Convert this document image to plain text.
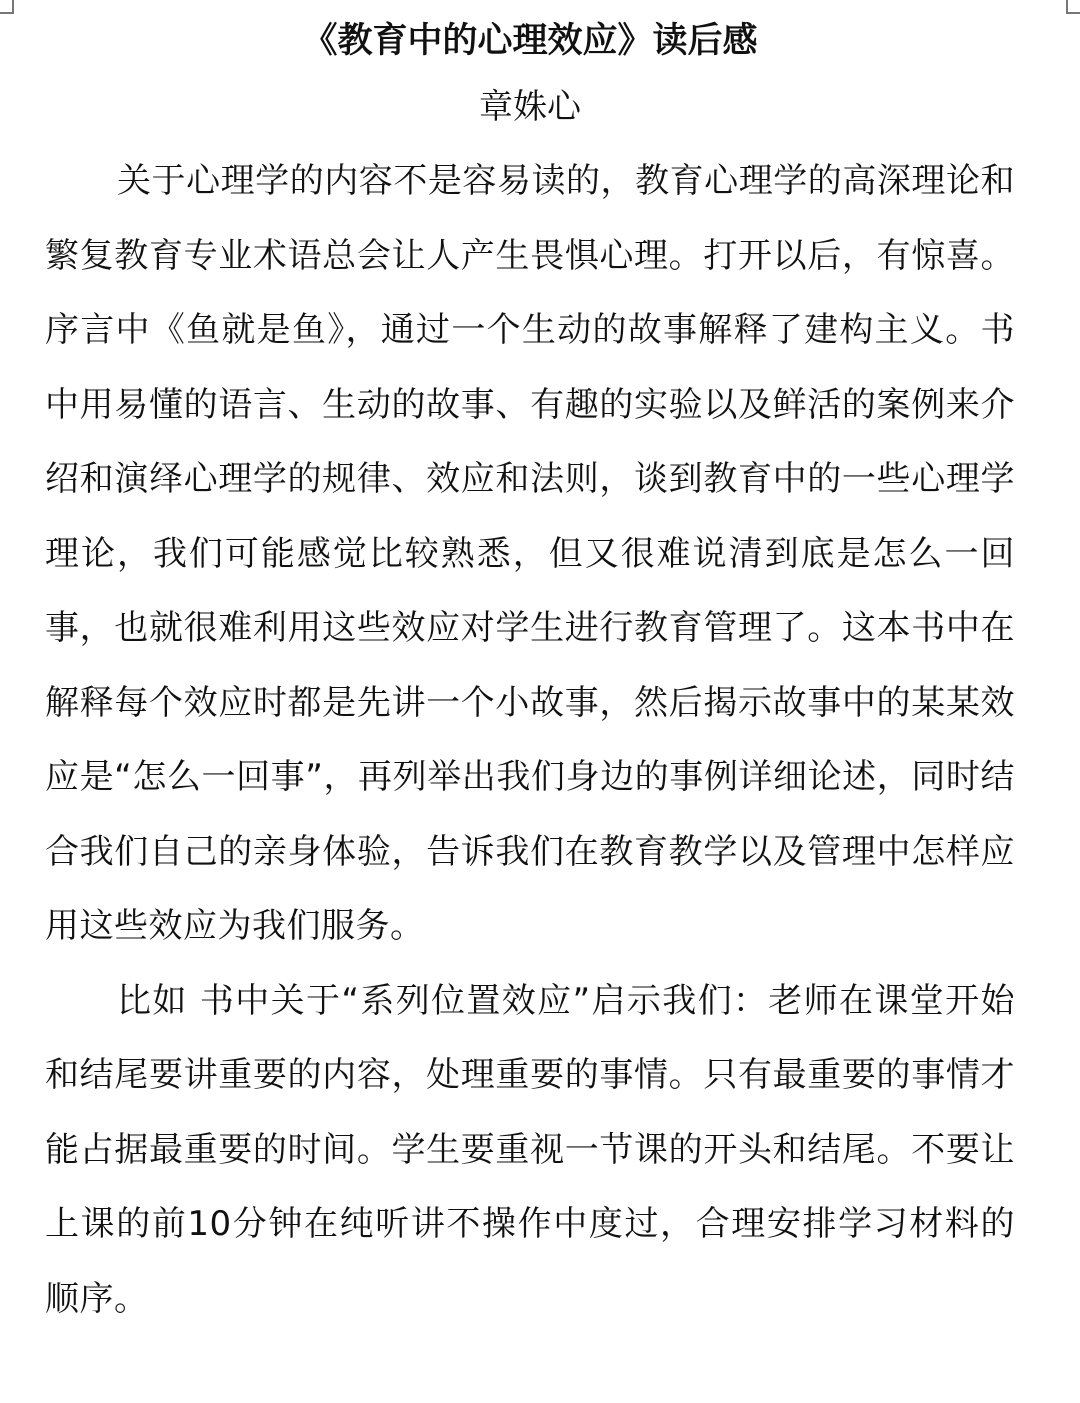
《教育中的心理效应》读后感
章姝心

关于心理学的内容不是容易读的，教育心理学的高深理论和繁复教育专业术语总会让人产生畏惧心理。打开以后，有惊喜。序言中《鱼就是鱼》，通过一个生动的故事解释了建构主义。书中用易懂的语言、生动的故事、有趣的实验以及鲜活的案例来介绍和演绎心理学的规律、效应和法则，谈到教育中的一些心理学理论，我们可能感觉比较熟悉，但又很难说清到底是怎么一回事，也就很难利用这些效应对学生进行教育管理了。这本书中在解释每个效应时都是先讲一个小故事，然后揭示故事中的某某效应是“怎么一回事”，再列举出我们身边的事例详细论述，同时结合我们自己的亲身体验，告诉我们在教育教学以及管理中怎样应用这些效应为我们服务。

比如 书中关于“系列位置效应”启示我们：老师在课堂开始和结尾要讲重要的内容，处理重要的事情。只有最重要的事情才能占据最重要的时间。学生要重视一节课的开头和结尾。不要让上课的前10分钟在纯听讲不操作中度过，合理安排学习材料的顺序。
